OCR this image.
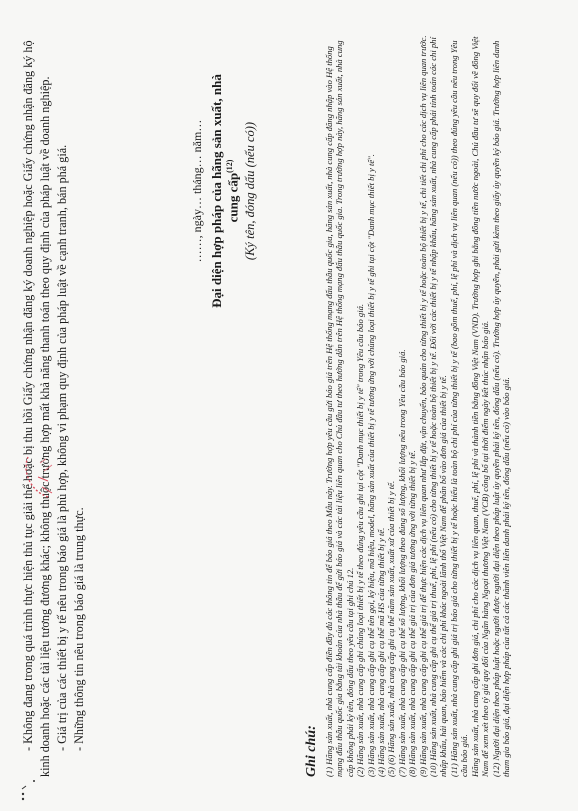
- Không đang trong quá trình thực hiện thủ tục giải thể hoặc bị thu hồi Giấy chứng nhận đăng ký doanh nghiệp hoặc Giấy chứng nhận đăng ký hộ kinh doanh hoặc các tài liệu tương đương khác; không thuộc trường hợp mất khả năng thanh toán theo quy định của pháp luật về doanh nghiệp. - Giá trị của các thiết bị y tế nêu trong báo giá là phù hợp, không vi phạm quy định của pháp luật về cạnh tranh, bán phá giá. - Những thông tin nêu trong báo giá là trung thực.

……, ngày… tháng… năm… Đại diện hợp pháp của hãng sản xuất, nhà cung cấp$^{(12)}$ (Ký tên, đóng dấu (nếu có))

Ghi chú: (1) Hãng sản xuất, nhà cung cấp điền đầy đủ các thông tin để báo giá theo Mẫu này. Trường hợp yêu cầu gửi báo giá trên Hệ thống mạng đấu thầu quốc gia, hãng sản xuất, nhà cung cấp đăng nhập vào Hệ thống mạng đấu thầu quốc gia bằng tài khoản của nhà thầu để gửi báo giá và các tài liệu liên quan cho Chủ đầu tư theo hướng dẫn trên Hệ thống mạng đấu thầu quốc gia. Trong trường hợp này, hãng sản xuất, nhà cung cấp không phải ký tên, đóng dấu theo yêu cầu tại ghi chú 12. (2) Hãng sản xuất, nhà cung cấp ghi chủng loại thiết bị y tế theo đúng yêu cầu ghi tại cột "Danh mục thiết bị y tế" trong Yêu cầu báo giá. (3) Hãng sản xuất, nhà cung cấp ghi cụ thể tên gọi, ký hiệu, mã hiệu, model, hãng sản xuất của thiết bị y tế tương ứng với chủng loại thiết bị y tế ghi tại cột "Danh mục thiết bị y tế". (4) Hãng sản xuất, nhà cung cấp ghi cụ thể mã HS của từng thiết bị y tế. (5) (6) Hãng sản xuất, nhà cung cấp ghi cụ thể năm sản xuất, xuất xứ của thiết bị y tế. (7) Hãng sản xuất, nhà cung cấp ghi cụ thể số lượng, khối lượng theo đúng số lượng, khối lượng nêu trong Yêu cầu báo giá. (8) Hãng sản xuất, nhà cung cấp ghi cụ thể giá trị của đơn giá tương ứng với từng thiết bị y tế. (9) Hãng sản xuất, nhà cung cấp ghi cụ thể giá trị để thực hiện các dịch vụ liên quan như lắp đặt, vận chuyển, bảo quản cho từng thiết bị y tế hoặc toàn bộ thiết bị y tế, chi tiết chi phí cho các dịch vụ liên quan trước. (10) Hãng sản xuất, nhà cung cấp ghi cụ thể giá trị thuế, phí, lệ phí (nếu có) cho từng thiết bị y tế hoặc toàn bộ thiết bị y tế. Đối với các thiết bị y tế nhập khẩu, hãng sản xuất, nhà cung cấp phải tính toán các chi phí nhập khẩu, hải quan, bảo hiểm và các chi phí khác ngoài lãnh thổ Việt Nam để phân bổ vào đơn giá của thiết bị y tế. (11) Hãng sản xuất, nhà cung cấp ghi giá trị báo giá cho từng thiết bị y tế hoặc hiểu là toàn bộ chi phí của từng thiết bị y tế (bao gồm thuế, phí, lệ phí và dịch vụ liên quan (nếu có)) theo đúng yêu cầu nêu trong Yêu cầu báo giá. Hãng sản xuất, nhà cung cấp ghi đơn giá, chi phí cho các dịch vụ liên quan, thuế, phí, lệ phí và thành tiền bằng đồng Việt Nam (VND). Trường hợp ghi bằng đồng tiền nước ngoài, Chủ đầu tư sẽ quy đổi về đồng Việt Nam để xem xét theo tỷ giá quy đổi của Ngân hàng Ngoại thương Việt Nam (VCB) công bố tại thời điểm ngày kết thúc nhận báo giá. (12) Người đại diện theo pháp luật hoặc người được người đại diện theo pháp luật ủy quyền phải ký tên, đóng dấu (nếu có). Trường hợp ủy quyền, phải gửi kèm theo giấy ủy quyền ký báo giá. Trường hợp liên danh tham gia báo giá, đại diện hợp pháp của tất cả các thành viên liên danh phải ký tên, đóng dấu (nếu có) vào báo giá.
